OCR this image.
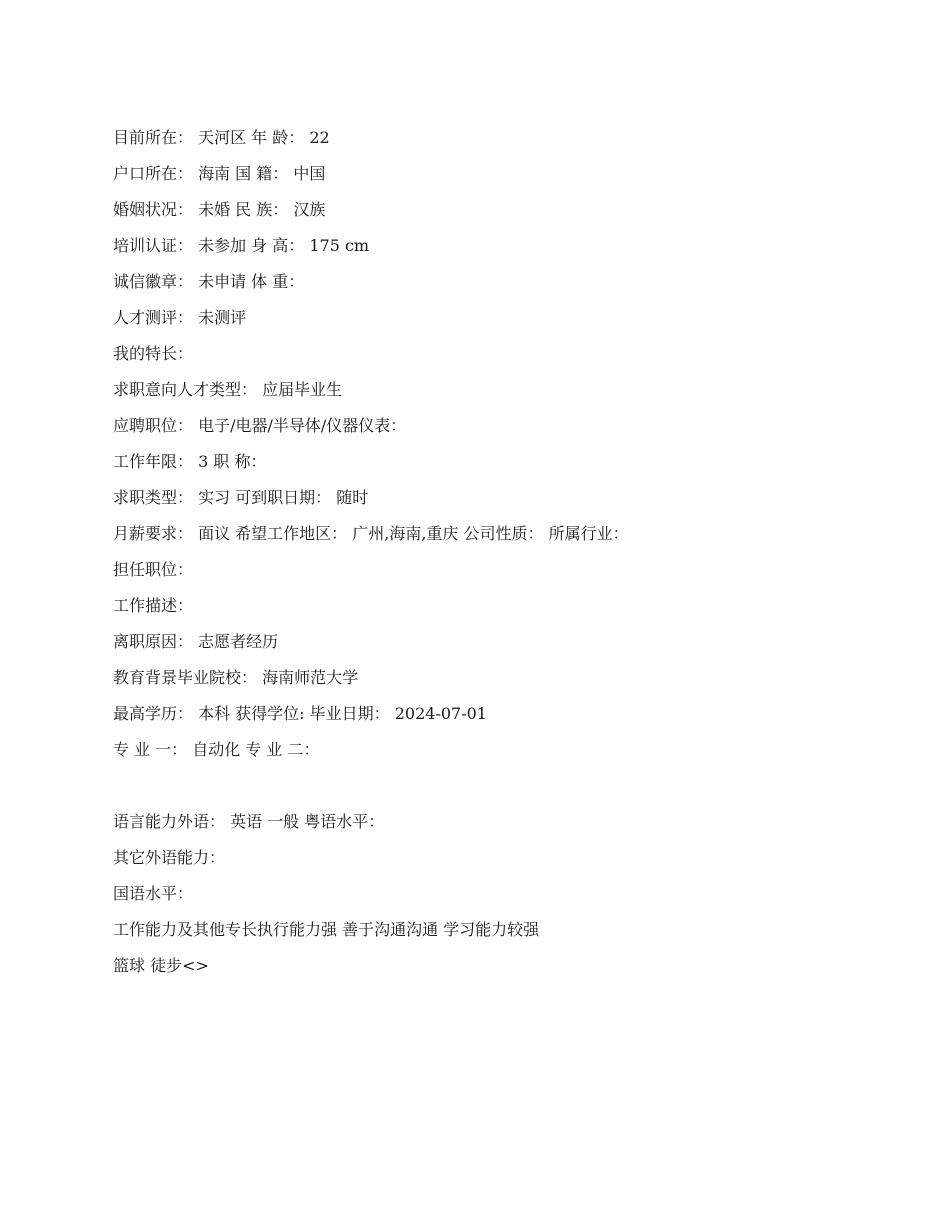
目前所在： 天河区 年 龄： 22
户口所在： 海南 国 籍： 中国
婚姻状况： 未婚 民 族： 汉族
培训认证： 未参加 身 高： 175 cm
诚信徽章： 未申请 体 重：
人才测评： 未测评
我的特长：
求职意向人才类型： 应届毕业生
应聘职位： 电子/电器/半导体/仪器仪表：
工作年限： 3 职 称：
求职类型： 实习 可到职日期： 随时
月薪要求： 面议 希望工作地区： 广州,海南,重庆 公司性质： 所属行业：
担任职位：
工作描述：
离职原因： 志愿者经历
教育背景毕业院校： 海南师范大学
最高学历： 本科 获得学位: 毕业日期： 2024-07-01
专 业 一： 自动化 专 业 二：
语言能力外语： 英语 一般 粤语水平：
其它外语能力：
国语水平：
工作能力及其他专长执行能力强 善于沟通沟通 学习能力较强
篮球 徒步<>
